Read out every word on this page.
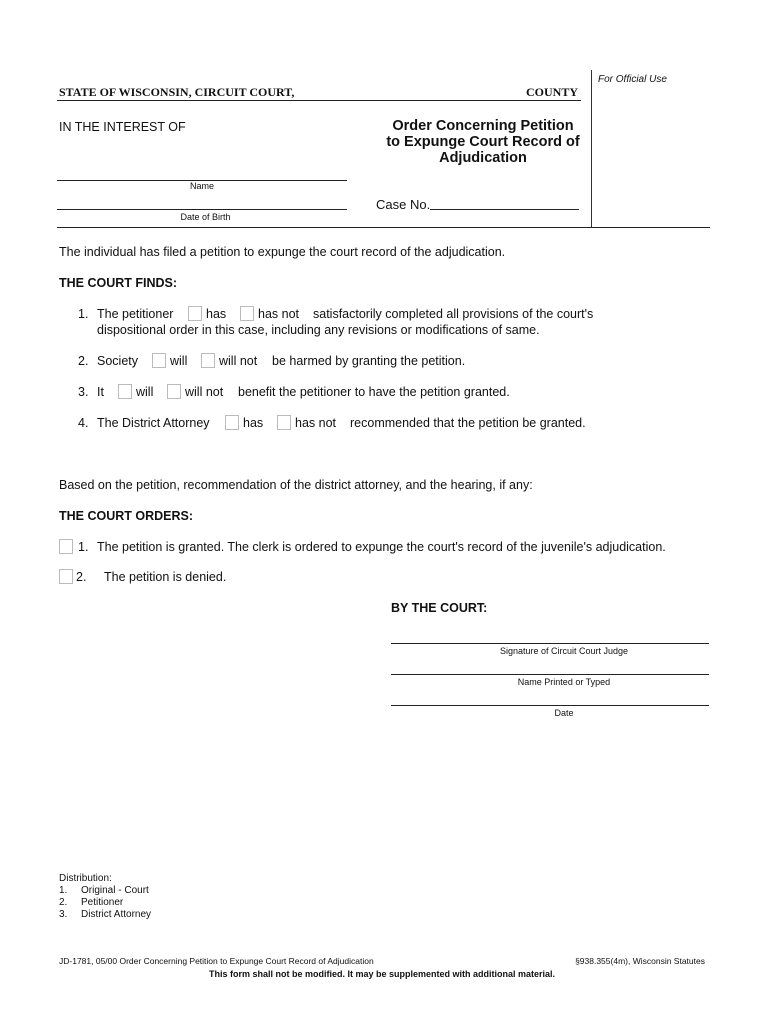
For Official Use
STATE OF WISCONSIN, CIRCUIT COURT,	COUNTY
IN THE INTEREST OF	Order Concerning Petition
to Expunge Court Record of
Adjudication
Name
Date of Birth
Case No.
The individual has filed a petition to expunge the court record of the adjudication.
THE COURT FINDS:
1. The petitioner	has	has not satisfactorily completed all provisions of the court's
dispositional order in this case, including any revisions or modifications of same.
2. Society	will	will not be harmed by granting the petition.
3. It	will	will not benefit the petitioner to have the petition granted.
4. The District Attorney	has	has not recommended that the petition be granted.
Based on the petition, recommendation of the district attorney, and the hearing, if any:
THE COURT ORDERS:
1. The petition is granted. The clerk is ordered to expunge the court's record of the juvenile's adjudication.
2. The petition is denied.
BY THE COURT:
Signature of Circuit Court Judge
Name Printed or Typed
Date
Distribution:
1. Original - Court
2. Petitioner
3. District Attorney
JD-1781, 05/00 Order Concerning Petition to Expunge Court Record of Adjudication	§938.355(4m), Wisconsin Statutes
This form shall not be modified. It may be supplemented with additional material.
